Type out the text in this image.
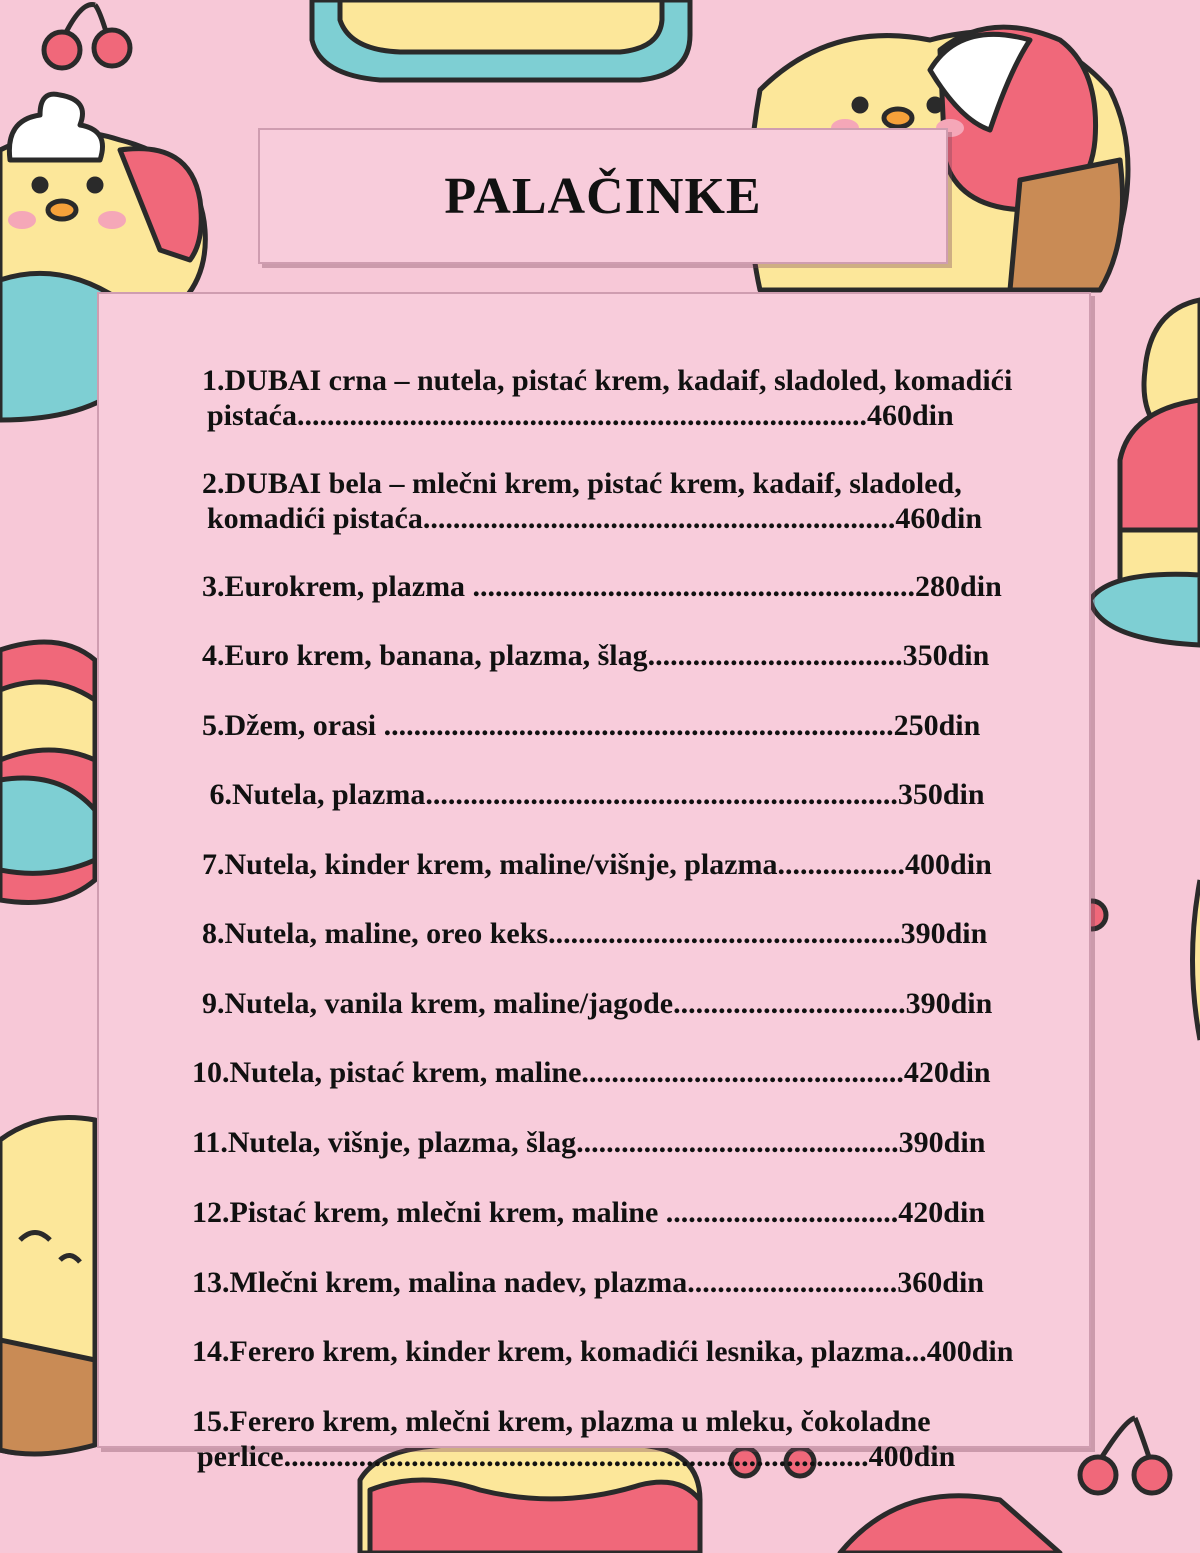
PALAČINKE

1.DUBAI crna – nutela, pistać krem, kadaif, sladoled, komadići
pistaća............................................................................460din

2.DUBAI bela – mlečni krem, pistać krem, kadaif, sladoled,
komadići pistaća...............................................................460din

3.Eurokrem, plazma ...........................................................280din

4.Euro krem, banana, plazma, šlag..................................350din

5.Džem, orasi ....................................................................250din

6.Nutela, plazma...............................................................350din

7.Nutela, kinder krem, maline/višnje, plazma.................400din

8.Nutela, maline, oreo keks...............................................390din

9.Nutela, vanila krem, maline/jagode...............................390din

10.Nutela, pistać krem, maline...........................................420din

11.Nutela, višnje, plazma, šlag...........................................390din

12.Pistać krem, mlečni krem, maline ...............................420din

13.Mlečni krem, malina nadev, plazma............................360din

14.Ferero krem, kinder krem, komadići lesnika, plazma...400din

15.Ferero krem, mlečni krem, plazma u mleku, čokoladne
perlice..............................................................................400din
